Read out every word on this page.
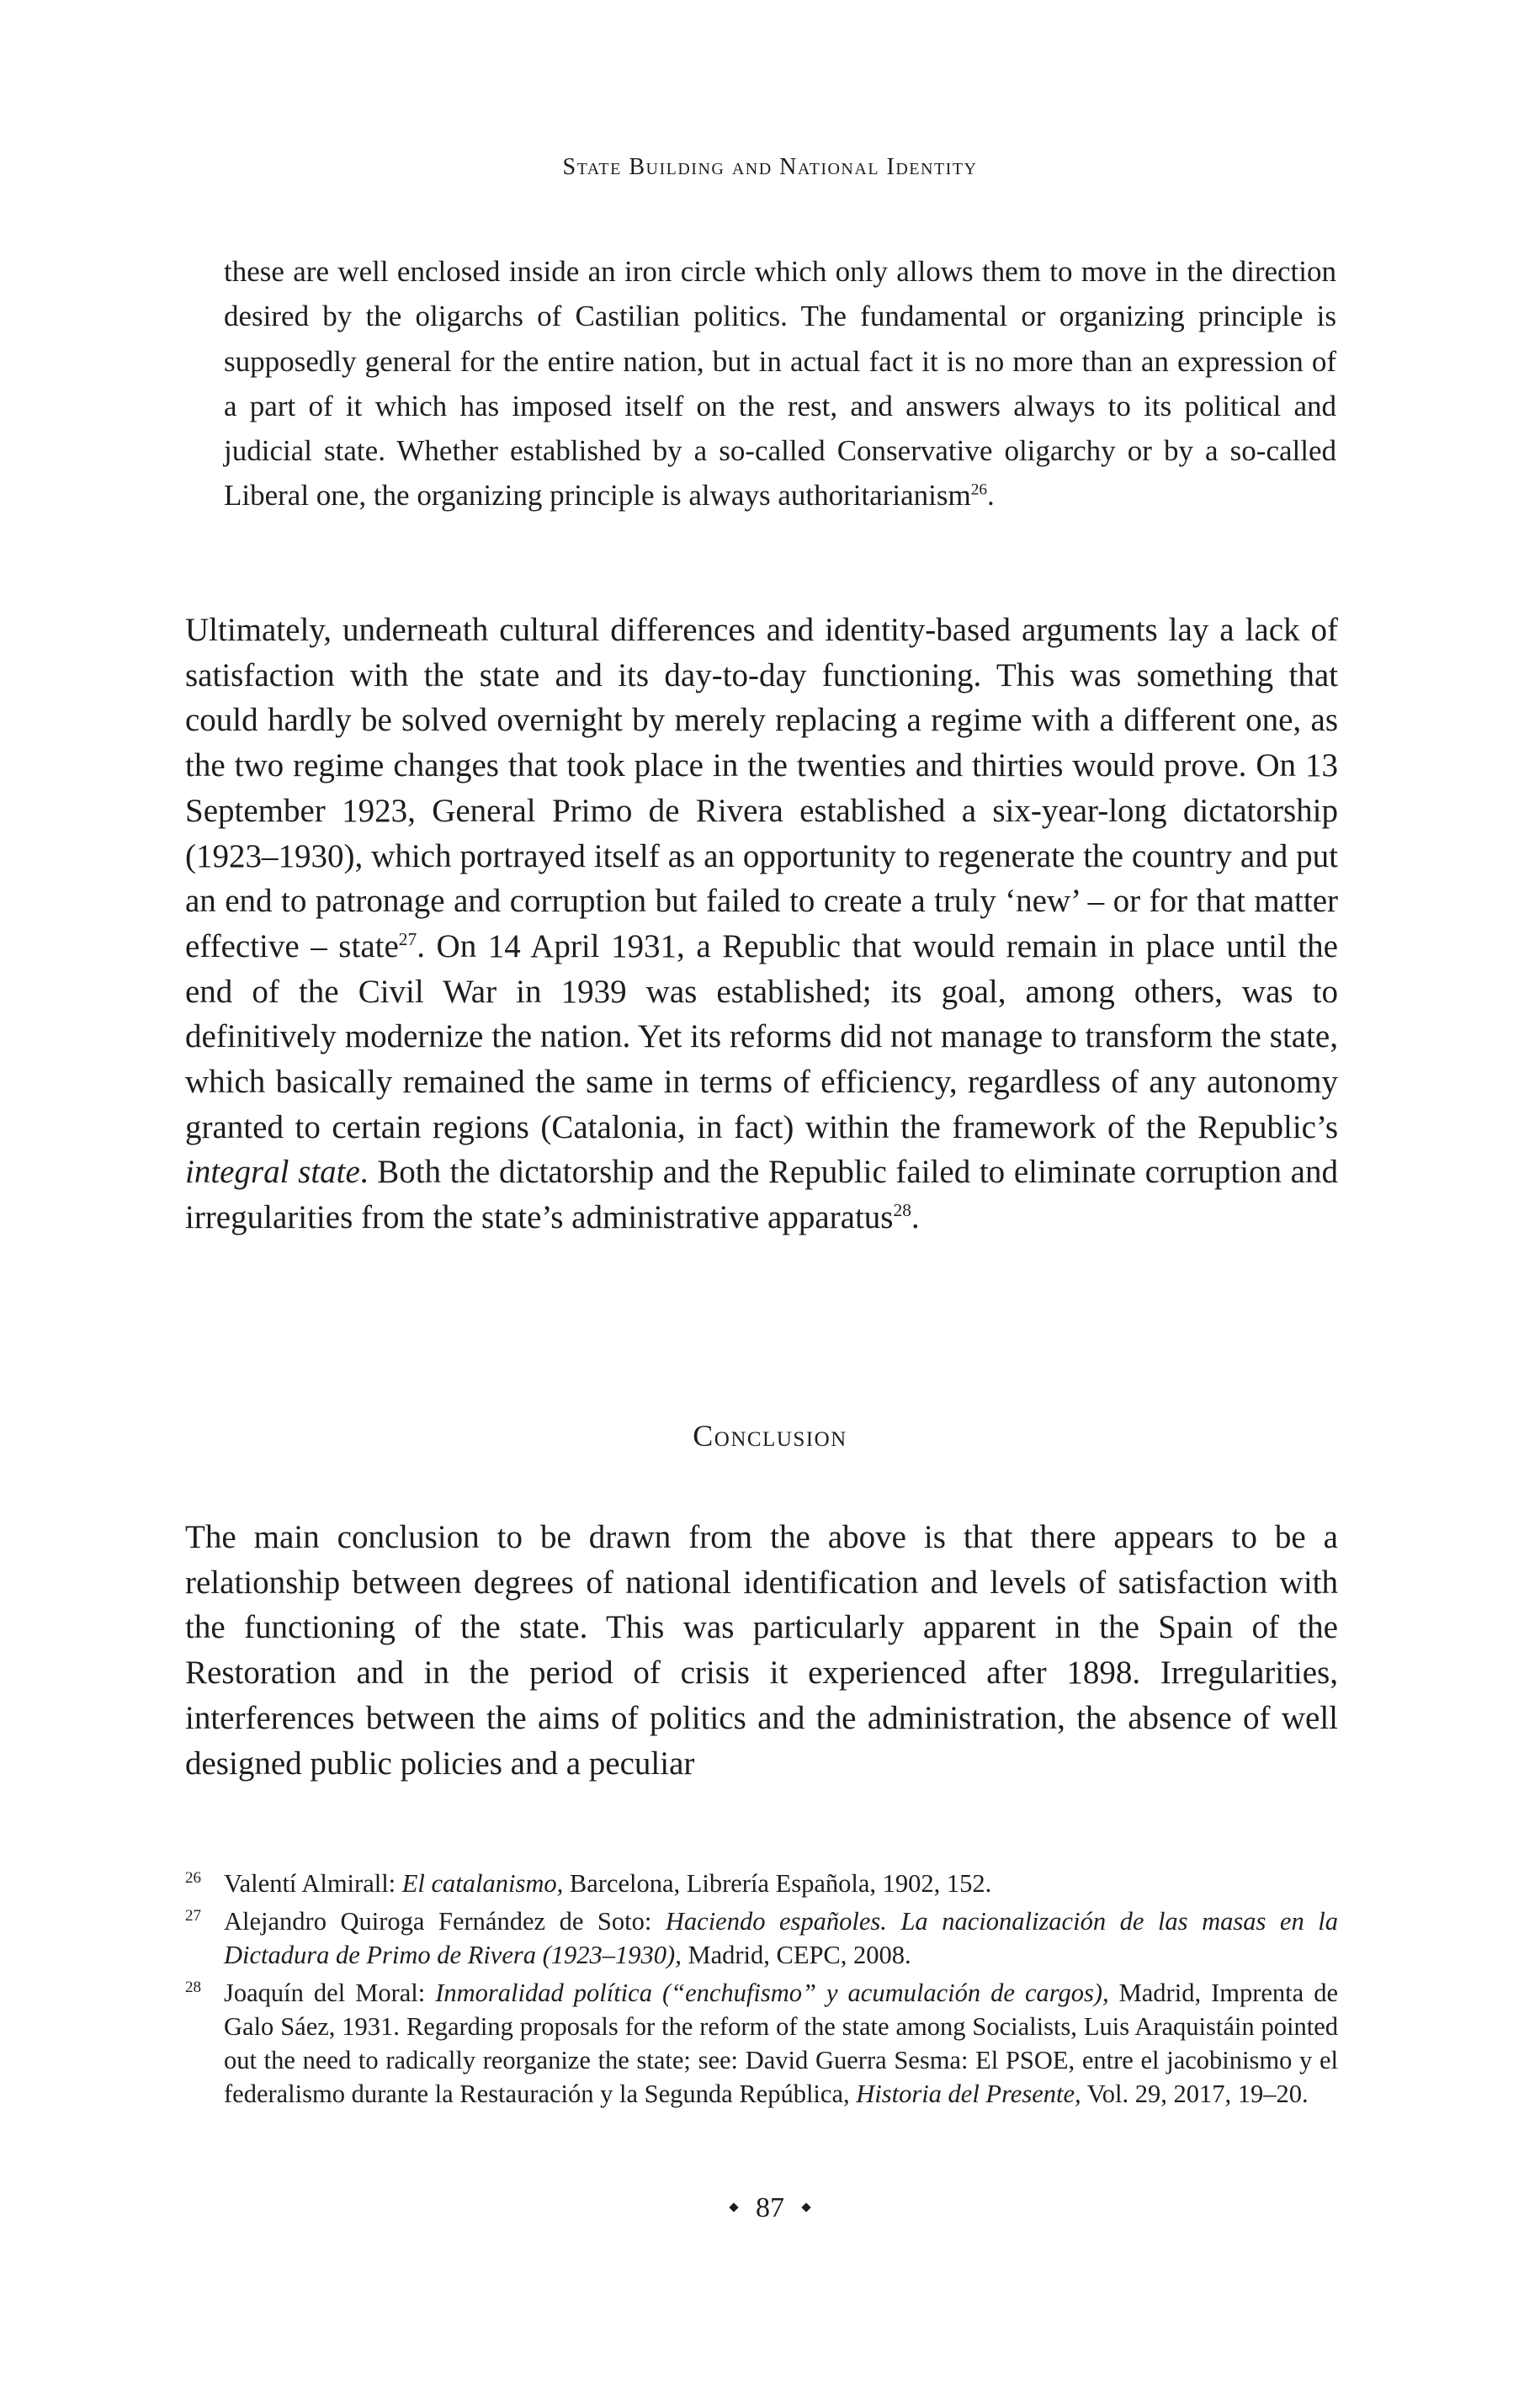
State Building and National Identity
these are well enclosed inside an iron circle which only allows them to move in the direction desired by the oligarchs of Castilian politics. The fundamental or organizing principle is supposedly general for the entire nation, but in actual fact it is no more than an expression of a part of it which has imposed itself on the rest, and answers always to its political and judicial state. Whether established by a so-called Conservative oligarchy or by a so-called Liberal one, the organizing principle is always authoritarianism$^{26}$.
Ultimately, underneath cultural differences and identity-based arguments lay a lack of satisfaction with the state and its day-to-day functioning. This was something that could hardly be solved overnight by merely replacing a regime with a different one, as the two regime changes that took place in the twenties and thirties would prove. On 13 September 1923, General Primo de Rivera established a six-year-long dictatorship (1923–1930), which portrayed itself as an opportunity to regenerate the country and put an end to patronage and corruption but failed to create a truly ‘new’ – or for that matter effective – state$^{27}$. On 14 April 1931, a Republic that would remain in place until the end of the Civil War in 1939 was established; its goal, among others, was to definitively modernize the nation. Yet its reforms did not manage to transform the state, which basically remained the same in terms of efficiency, regardless of any autonomy granted to certain regions (Catalonia, in fact) within the framework of the Republic’s integral state. Both the dictatorship and the Republic failed to eliminate corruption and irregularities from the state’s administrative apparatus$^{28}$.
Conclusion
The main conclusion to be drawn from the above is that there appears to be a relationship between degrees of national identification and levels of satisfaction with the functioning of the state. This was particularly apparent in the Spain of the Restoration and in the period of crisis it experienced after 1898. Irregularities, interferences between the aims of politics and the administration, the absence of well designed public policies and a peculiar
26 Valentí Almirall: El catalanismo, Barcelona, Librería Española, 1902, 152.
27 Alejandro Quiroga Fernández de Soto: Haciendo españoles. La nacionalización de las masas en la Dictadura de Primo de Rivera (1923–1930), Madrid, CEPC, 2008.
28 Joaquín del Moral: Inmoralidad política (“enchufismo” y acumulación de cargos), Madrid, Imprenta de Galo Sáez, 1931. Regarding proposals for the reform of the state among Socialists, Luis Araquistáin pointed out the need to radically reorganize the state; see: David Guerra Sesma: El PSOE, entre el jacobinismo y el federalismo durante la Restauración y la Segunda República, Historia del Presente, Vol. 29, 2017, 19–20.
87
